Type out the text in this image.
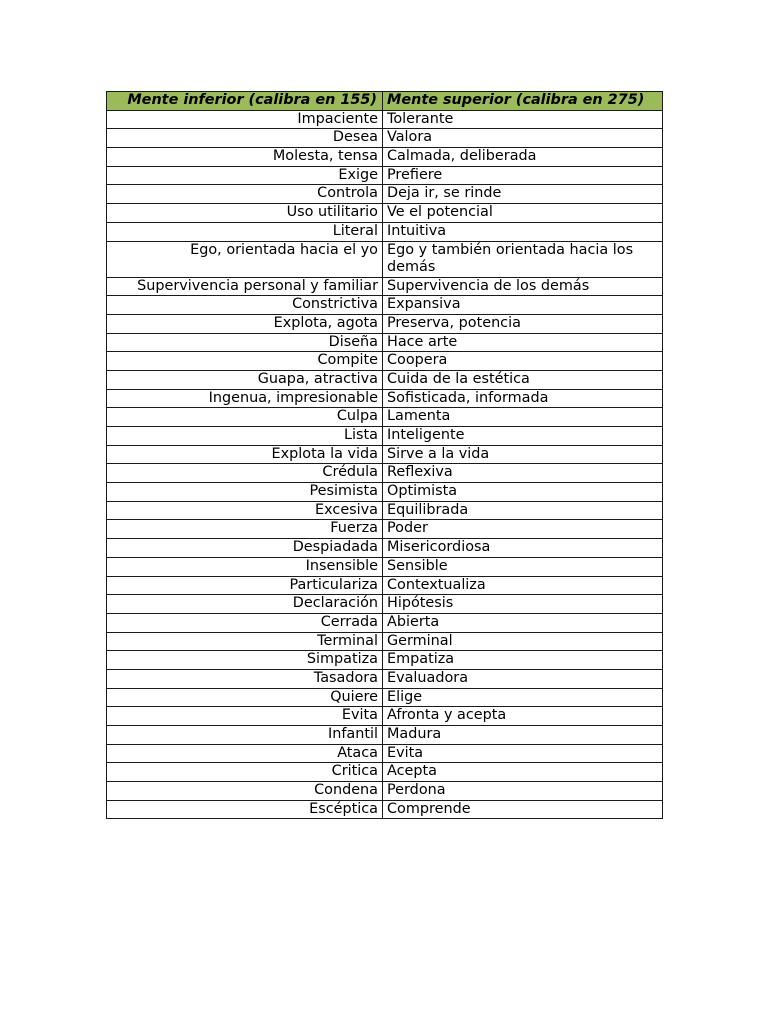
Mente inferior (calibra en 155)	Mente superior (calibra en 275)
Impaciente	Tolerante
Desea	Valora
Molesta, tensa	Calmada, deliberada
Exige	Prefiere
Controla	Deja ir, se rinde
Uso utilitario	Ve el potencial
Literal	Intuitiva
Ego, orientada hacia el yo	Ego y también orientada hacia los demás
Supervivencia personal y familiar	Supervivencia de los demás
Constrictiva	Expansiva
Explota, agota	Preserva, potencia
Diseña	Hace arte
Compite	Coopera
Guapa, atractiva	Cuida de la estética
Ingenua, impresionable	Sofisticada, informada
Culpa	Lamenta
Lista	Inteligente
Explota la vida	Sirve a la vida
Crédula	Reflexiva
Pesimista	Optimista
Excesiva	Equilibrada
Fuerza	Poder
Despiadada	Misericordiosa
Insensible	Sensible
Particulariza	Contextualiza
Declaración	Hipótesis
Cerrada	Abierta
Terminal	Germinal
Simpatiza	Empatiza
Tasadora	Evaluadora
Quiere	Elige
Evita	Afronta y acepta
Infantil	Madura
Ataca	Evita
Critica	Acepta
Condena	Perdona
Escéptica	Comprende
